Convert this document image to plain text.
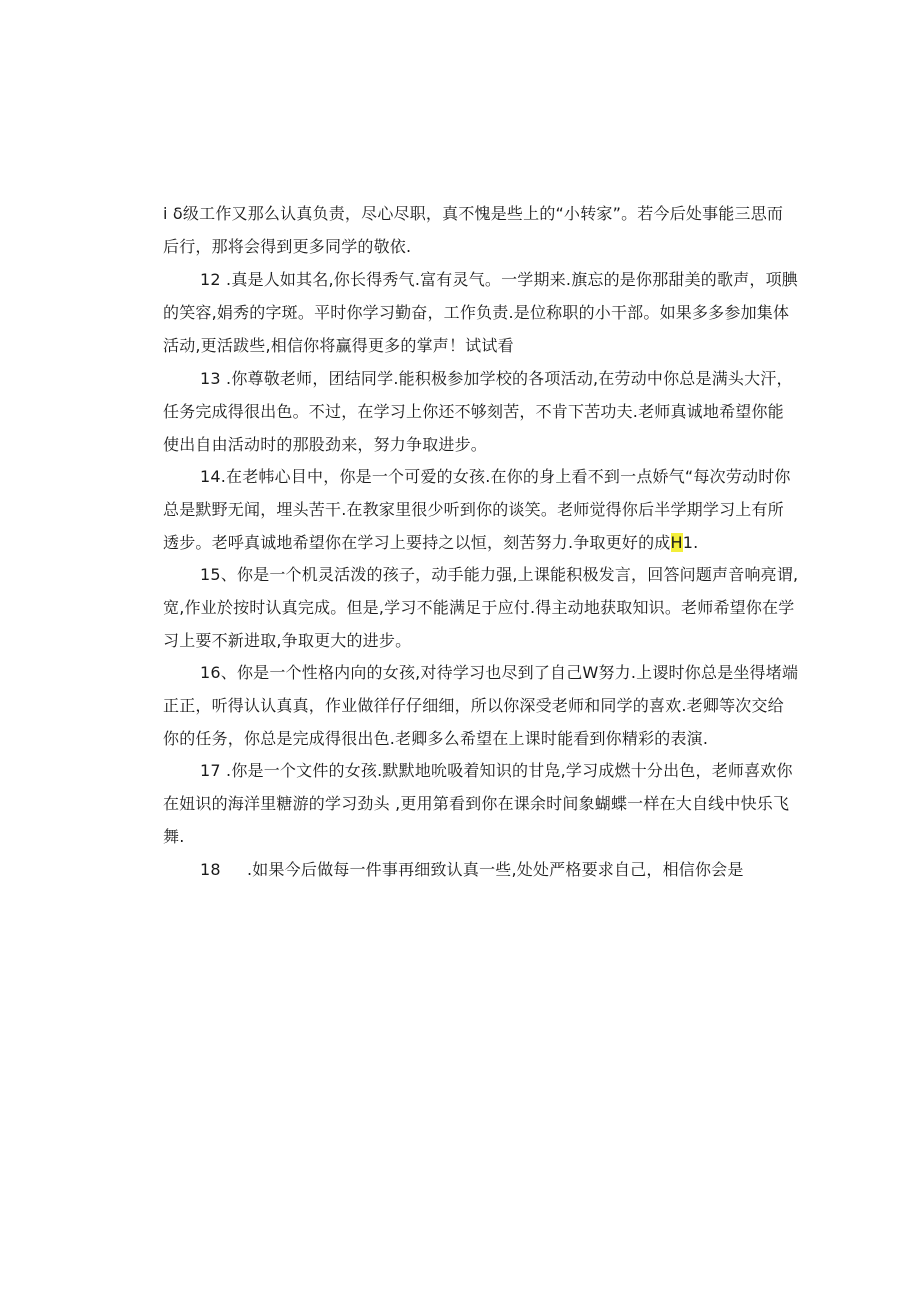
i δ级工作又那么认真负责，尽心尽职，真不愧是些上的“小转家”。若今后处事能三思而
后行，那将会得到更多同学的敬依.
12 .真是人如其名,你长得秀气.富有灵气。一学期来.旗忘的是你那甜美的歌声，项腆
的笑容,娟秀的字斑。平时你学习勤奋，工作负责.是位称职的小干部。如果多多参加集体
活动,更活跋些,相信你将赢得更多的掌声！试试看
13 .你尊敬老师，团结同学.能积极参加学校的各项活动,在劳动中你总是满头大汗，
任务完成得很出色。不过，在学习上你还不够刻苦，不肯下苦功夫.老师真诚地希望你能
使出自由活动时的那股劲来，努力争取进步。
14.在老帏心目中，你是一个可爱的女孩.在你的身上看不到一点娇气“每次劳动时你
总是默野无闻，埋头苦干.在教家里很少听到你的谈笑。老师觉得你后半学期学习上有所
透步。老呼真诚地希望你在学习上要持之以恒，刻苦努力.争取更好的成H1.
15、你是一个机灵活泼的孩子，动手能力强,上课能积极发言，回答问题声音响亮谓,
宽,作业於按时认真完成。但是,学习不能满足于应付.得主动地获取知识。老师希望你在学
习上要不新进取,争取更大的进步。
16、你是一个性格内向的女孩,对待学习也尽到了自己W努力.上谡时你总是坐得堵端
正正，听得认认真真，作业做徉仔仔细细，所以你深受老师和同学的喜欢.老卿等次交给
你的任务，你总是完成得很出色.老卿多么希望在上课时能看到你精彩的表演.
17 .你是一个文件的女孩.默默地吮吸着知识的甘凫,学习成燃十分出色，老师喜欢你
在妞识的海洋里糖游的学习劲头 ,更用第看到你在课余时间象蝴蝶一样在大自线中快乐飞
舞.
18 .如果今后做每一件事再细致认真一些,处处严格要求自己，相信你会是
